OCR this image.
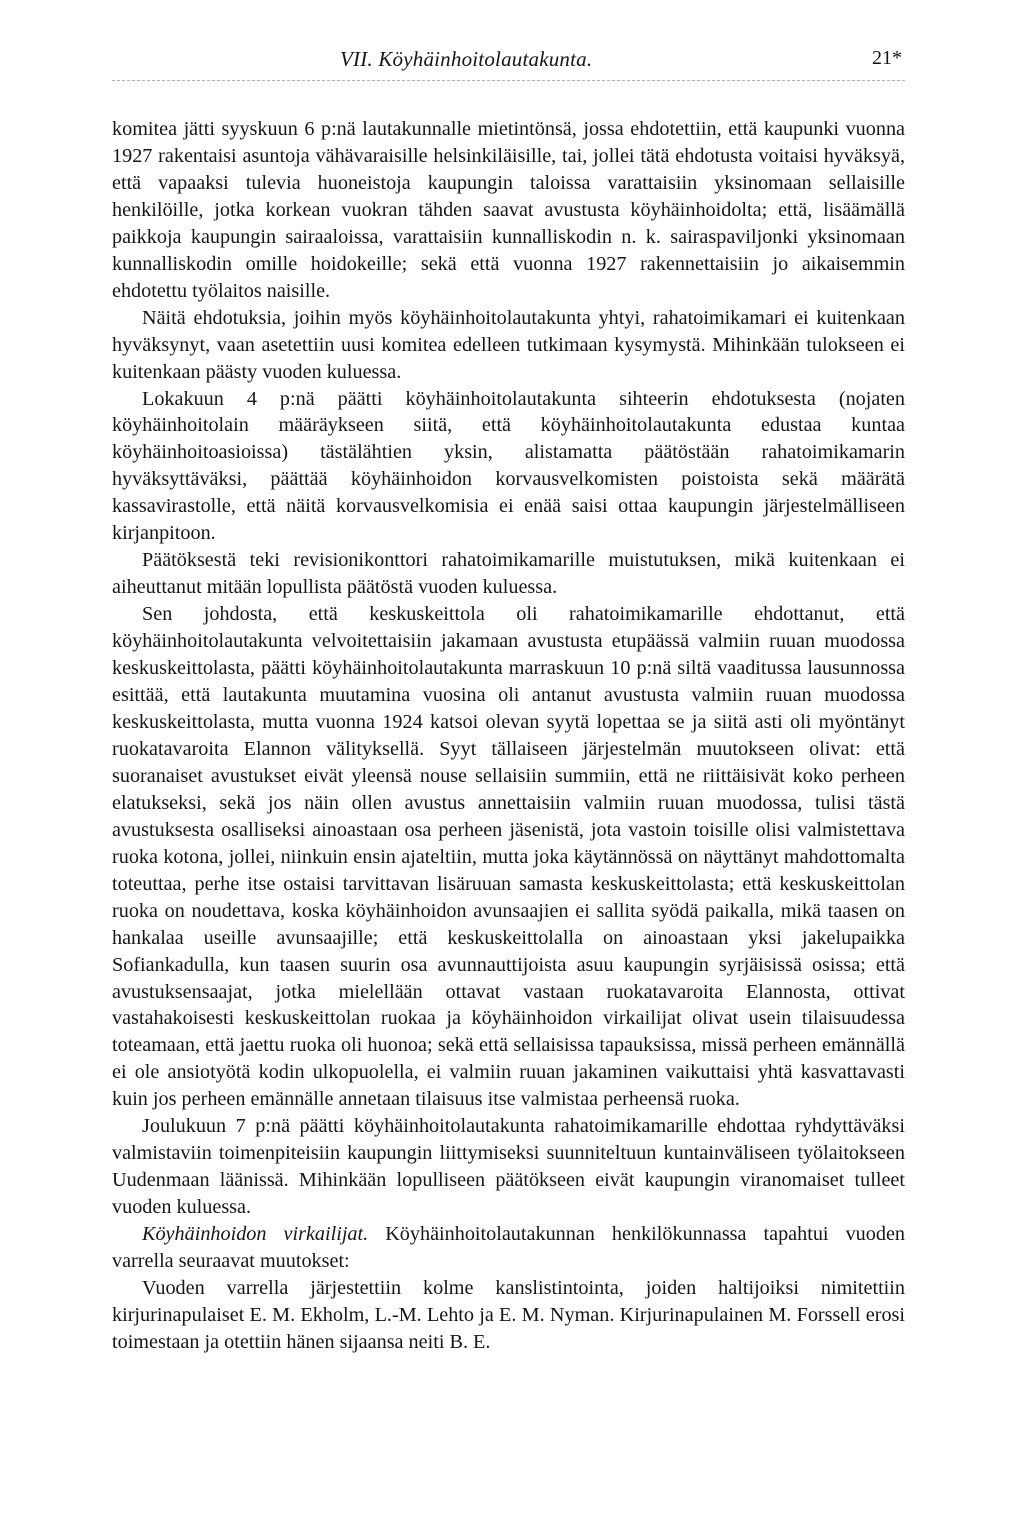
VII. Köyhäinhoitolautakunta.	21*

komitea jätti syyskuun 6 p:nä lautakunnalle mietintönsä, jossa ehdotettiin, että kaupunki vuonna 1927 rakentaisi asuntoja vähävaraisille helsinkiläisille, tai, jollei tätä ehdotusta voitaisi hyväksyä, että vapaaksi tulevia huoneistoja kaupungin taloissa varattaisiin yksinomaan sellaisille henkilöille, jotka korkean vuokran tähden saavat avustusta köyhäinhoidolta; että, lisäämällä paikkoja kaupungin sairaaloissa, varattaisiin kunnalliskodin n. k. sairaspaviljonki yksinomaan kunnalliskodin omille hoidokeille; sekä että vuonna 1927 rakennettaisiin jo aikaisemmin ehdotettu työlaitos naisille.

Näitä ehdotuksia, joihin myös köyhäinhoitolautakunta yhtyi, rahatoimikamari ei kuitenkaan hyväksynyt, vaan asetettiin uusi komitea edelleen tutkimaan kysymystä. Mihinkään tulokseen ei kuitenkaan päästy vuoden kuluessa.

Lokakuun 4 p:nä päätti köyhäinhoitolautakunta sihteerin ehdotuksesta (nojaten köyhäinhoitolain määräykseen siitä, että köyhäinhoitolautakunta edustaa kuntaa köyhäinhoitoasioissa) tästälähtien yksin, alistamatta päätöstään rahatoimikamarin hyväksyttäväksi, päättää köyhäinhoidon korvausvelkomisten poistoista sekä määrätä kassavirastolle, että näitä korvausvelkomisia ei enää saisi ottaa kaupungin järjestelmälliseen kirjanpitoon.

Päätöksestä teki revisionikonttori rahatoimikamarille muistutuksen, mikä kuitenkaan ei aiheuttanut mitään lopullista päätöstä vuoden kuluessa.

Sen johdosta, että keskuskeittola oli rahatoimikamarille ehdottanut, että köyhäinhoitolautakunta velvoitettaisiin jakamaan avustusta etupäässä valmiin ruuan muodossa keskuskeittolasta, päätti köyhäinhoitolautakunta marraskuun 10 p:nä siltä vaaditussa lausunnossa esittää, että lautakunta muutamina vuosina oli antanut avustusta valmiin ruuan muodossa keskuskeittolasta, mutta vuonna 1924 katsoi olevan syytä lopettaa se ja siitä asti oli myöntänyt ruokatavaroita Elannon välityksellä. Syyt tällaiseen järjestelmän muutokseen olivat: että suoranaiset avustukset eivät yleensä nouse sellaisiin summiin, että ne riittäisivät koko perheen elatukseksi, sekä jos näin ollen avustus annettaisiin valmiin ruuan muodossa, tulisi tästä avustuksesta osalliseksi ainoastaan osa perheen jäsenistä, jota vastoin toisille olisi valmistettava ruoka kotona, jollei, niinkuin ensin ajateltiin, mutta joka käytännössä on näyttänyt mahdottomalta toteuttaa, perhe itse ostaisi tarvittavan lisäruuan samasta keskuskeittolasta; että keskuskeittolan ruoka on noudettava, koska köyhäinhoidon avunsaajien ei sallita syödä paikalla, mikä taasen on hankalaa useille avunsaajille; että keskuskeittolalla on ainoastaan yksi jakelupaikka Sofiankadulla, kun taasen suurin osa avunnauttijoista asuu kaupungin syrjäisissä osissa; että avustuksensaajat, jotka mielellään ottavat vastaan ruokatavaroita Elannosta, ottivat vastahakoisesti keskuskeittolan ruokaa ja köyhäinhoidon virkailijat olivat usein tilaisuudessa toteamaan, että jaettu ruoka oli huonoa; sekä että sellaisissa tapauksissa, missä perheen emännällä ei ole ansiotyötä kodin ulkopuolella, ei valmiin ruuan jakaminen vaikuttaisi yhtä kasvattavasti kuin jos perheen emännälle annetaan tilaisuus itse valmistaa perheensä ruoka.

Joulukuun 7 p:nä päätti köyhäinhoitolautakunta rahatoimikamarille ehdottaa ryhdyttäväksi valmistaviin toimenpiteisiin kaupungin liittymiseksi suunniteltuun kuntainväliseen työlaitokseen Uudenmaan läänissä. Mihinkään lopulliseen päätökseen eivät kaupungin viranomaiset tulleet vuoden kuluessa.

Köyhäinhoidon virkailijat. Köyhäinhoitolautakunnan henkilökunnassa tapahtui vuoden varrella seuraavat muutokset:

Vuoden varrella järjestettiin kolme kanslistintointa, joiden haltijoiksi nimitettiin kirjurinapulaiset E. M. Ekholm, L.-M. Lehto ja E. M. Nyman. Kirjurinapulainen M. Forssell erosi toimestaan ja otettiin hänen sijaansa neiti B. E.
